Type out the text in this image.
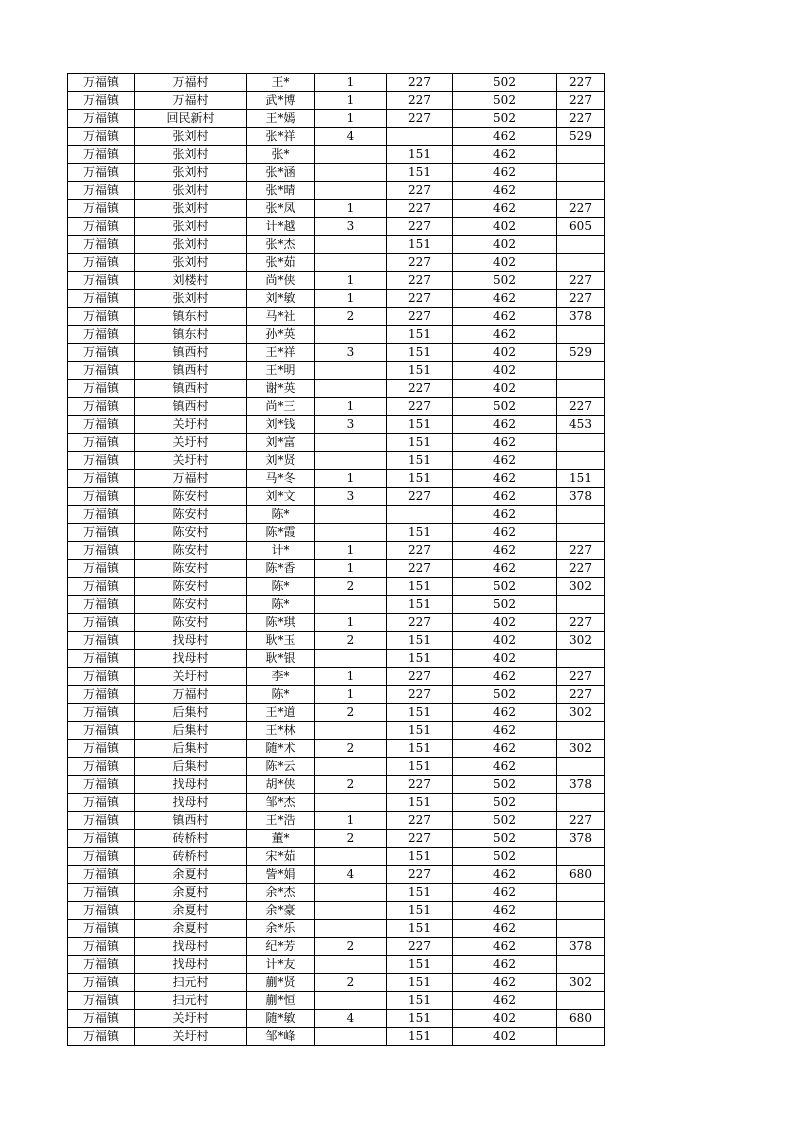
万福镇	万福村	王*	1	227	502	227
万福镇	万福村	武*博	1	227	502	227
万福镇	回民新村	王*嫣	1	227	502	227
万福镇	张刘村	张*祥	4		462	529
万福镇	张刘村	张*		151	462	
万福镇	张刘村	张*涵		151	462	
万福镇	张刘村	张*晴		227	462	
万福镇	张刘村	张*凤	1	227	462	227
万福镇	张刘村	计*越	3	227	402	605
万福镇	张刘村	张*杰		151	402	
万福镇	张刘村	张*茹		227	402	
万福镇	刘楼村	尚*侠	1	227	502	227
万福镇	张刘村	刘*敏	1	227	462	227
万福镇	镇东村	马*社	2	227	462	378
万福镇	镇东村	孙*英		151	462	
万福镇	镇西村	王*祥	3	151	402	529
万福镇	镇西村	王*明		151	402	
万福镇	镇西村	谢*英		227	402	
万福镇	镇西村	尚*三	1	227	502	227
万福镇	关圩村	刘*钱	3	151	462	453
万福镇	关圩村	刘*富		151	462	
万福镇	关圩村	刘*贤		151	462	
万福镇	万福村	马*冬	1	151	462	151
万福镇	陈安村	刘*文	3	227	462	378
万福镇	陈安村	陈*			462	
万福镇	陈安村	陈*霞		151	462	
万福镇	陈安村	计*	1	227	462	227
万福镇	陈安村	陈*香	1	227	462	227
万福镇	陈安村	陈*	2	151	502	302
万福镇	陈安村	陈*		151	502	
万福镇	陈安村	陈*琪	1	227	402	227
万福镇	找母村	耿*玉	2	151	402	302
万福镇	找母村	耿*银		151	402	
万福镇	关圩村	李*	1	227	462	227
万福镇	万福村	陈*	1	227	502	227
万福镇	后集村	王*道	2	151	462	302
万福镇	后集村	王*林		151	462	
万福镇	后集村	随*术	2	151	462	302
万福镇	后集村	陈*云		151	462	
万福镇	找母村	胡*侠	2	227	502	378
万福镇	找母村	邹*杰		151	502	
万福镇	镇西村	王*浩	1	227	502	227
万福镇	砖桥村	董*	2	227	502	378
万福镇	砖桥村	宋*茹		151	502	
万福镇	余夏村	訾*娟	4	227	462	680
万福镇	余夏村	余*杰		151	462	
万福镇	余夏村	余*豪		151	462	
万福镇	余夏村	余*乐		151	462	
万福镇	找母村	纪*芳	2	227	462	378
万福镇	找母村	计*友		151	462	
万福镇	扫元村	蒯*贤	2	151	462	302
万福镇	扫元村	蒯*恒		151	462	
万福镇	关圩村	随*敏	4	151	402	680
万福镇	关圩村	邹*峰		151	402	
